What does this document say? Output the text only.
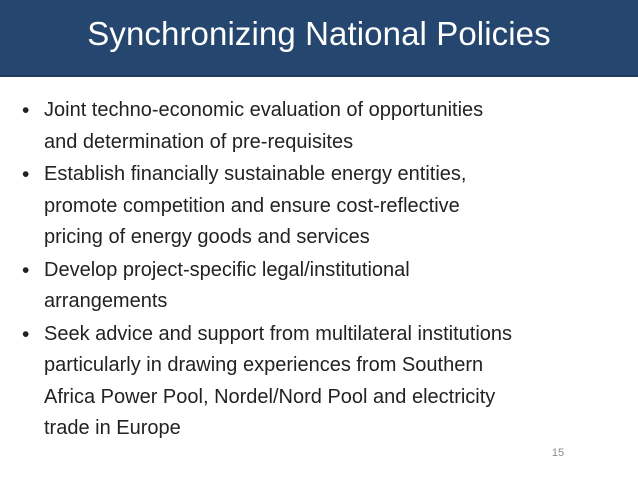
Synchronizing National Policies
• Joint techno-economic evaluation of opportunities
and determination of pre-requisites
• Establish financially sustainable energy entities,
promote competition and ensure cost-reflective
pricing of energy goods and services
• Develop project-specific legal/institutional
arrangements
• Seek advice and support from multilateral institutions
particularly in drawing experiences from Southern
Africa Power Pool, Nordel/Nord Pool and electricity
trade in Europe
15
